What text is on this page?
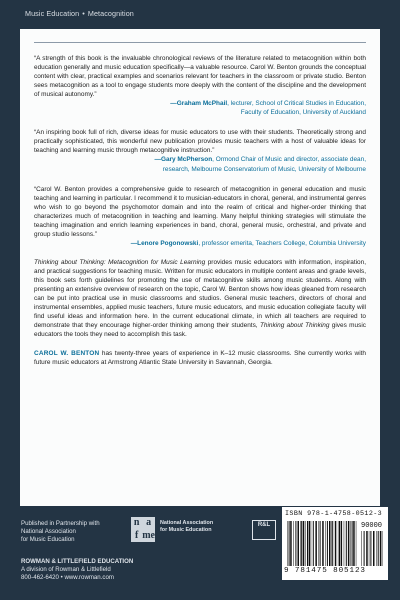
Music Education • Metacognition

“A strength of this book is the invaluable chronological reviews of the literature related to metacognition within both education generally and music education specifically—a valuable resource. Carol W. Benton grounds the conceptual content with clear, practical examples and scenarios relevant for teachers in the classroom or private studio. Benton sees metacognition as a tool to engage students more deeply with the content of the discipline and the development of musical autonomy.”

—Graham McPhail, lecturer, School of Critical Studies in Education,

Faculty of Education, University of Auckland

“An inspiring book full of rich, diverse ideas for music educators to use with their students. Theoretically strong and practically sophisticated, this wonderful new publication provides music teachers with a host of valuable ideas for teaching and learning music through metacognitive instruction.”

—Gary McPherson, Ormond Chair of Music and director, associate dean,

research, Melbourne Conservatorium of Music, University of Melbourne

“Carol W. Benton provides a comprehensive guide to research of metacognition in general education and music teaching and learning in particular. I recommend it to musician-educators in choral, general, and instrumental genres who wish to go beyond the psychomotor domain and into the realm of critical and higher-order thinking that characterizes much of metacognition in teaching and learning. Many helpful thinking strategies will stimulate the teaching imagination and enrich learning experiences in band, choral, general music, orchestral, and private and group studio lessons.”

—Lenore Pogonowski, professor emerita, Teachers College, Columbia University

Thinking about Thinking: Metacognition for Music Learning provides music educators with information, inspiration, and practical suggestions for teaching music. Written for music educators in multiple content areas and grade levels, this book sets forth guidelines for promoting the use of metacognitive skills among music students. Along with presenting an extensive overview of research on the topic, Carol W. Benton shows how ideas gleaned from research can be put into practical use in music classrooms and studios. General music teachers, directors of choral and instrumental ensembles, applied music teachers, future music educators, and music education collegiate faculty will find useful ideas and information here. In the current educational climate, in which all teachers are required to demonstrate that they encourage higher-order thinking among their students, Thinking about Thinking gives music educators the tools they need to accomplish this task.

CAROL W. BENTON has twenty-three years of experience in K–12 music classrooms. She currently works with future music educators at Armstrong Atlantic State University in Savannah, Georgia.

Published in Partnership with
National Association
for Music Education
n a
f me
National Association
for Music Education
R&L
ROWMAN & LITTLEFIELD EDUCATION
A division of Rowman & Littlefield
800-462-6420 • www.rowman.com
ISBN 978-1-4758-0512-3
90000
9 781475 805123
